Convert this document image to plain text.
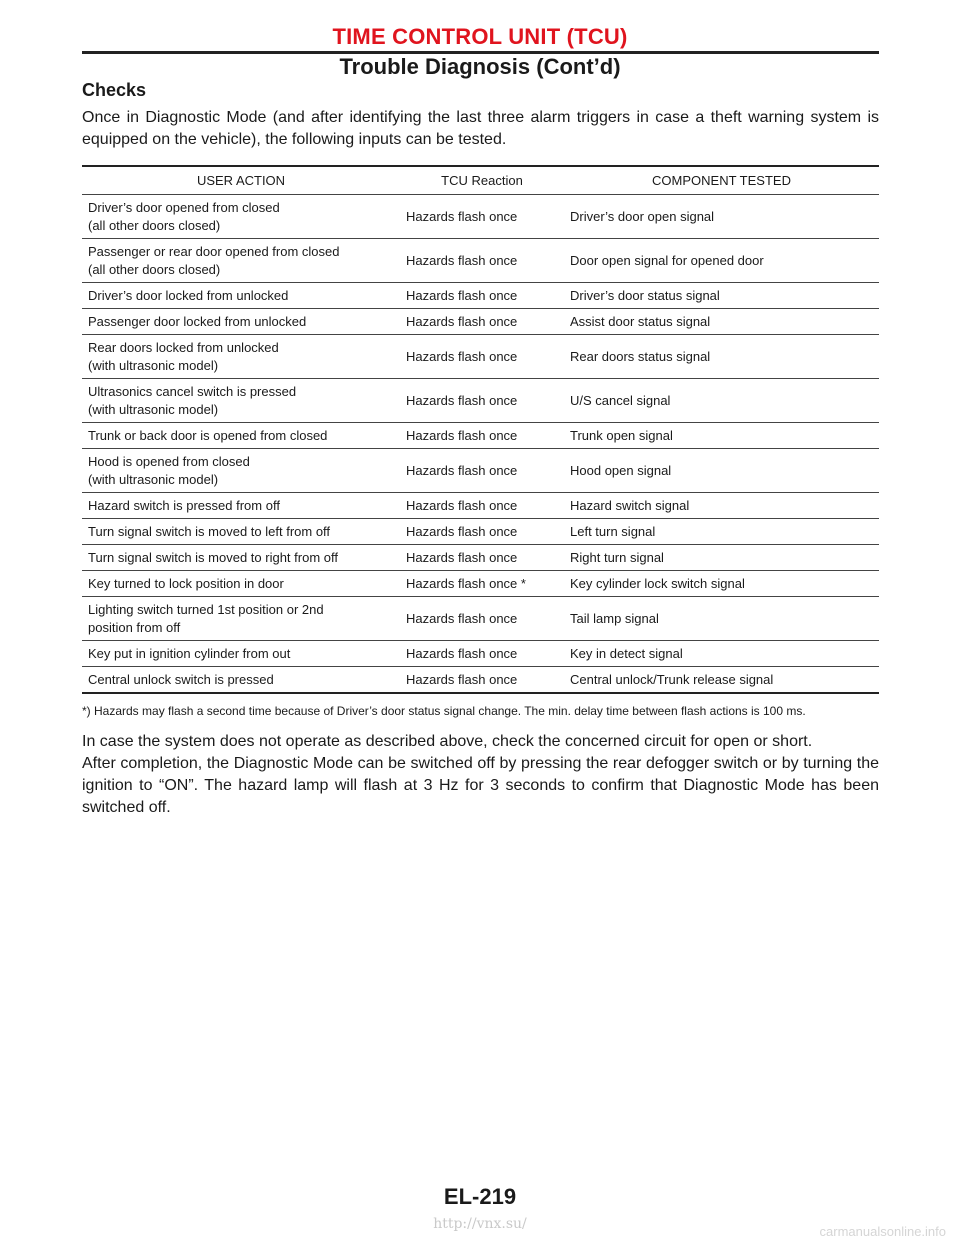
TIME CONTROL UNIT (TCU)
Trouble Diagnosis (Cont’d)
Checks

Once in Diagnostic Mode (and after identifying the last three alarm triggers in case a theft warning system is equipped on the vehicle), the following inputs can be tested.

USER ACTION	TCU Reaction	COMPONENT TESTED

Driver’s door opened from closed
(all other doors closed)	Hazards flash once	Driver’s door open signal

Passenger or rear door opened from closed
(all other doors closed)	Hazards flash once	Door open signal for opened door

Driver’s door locked from unlocked	Hazards flash once	Driver’s door status signal

Passenger door locked from unlocked	Hazards flash once	Assist door status signal

Rear doors locked from unlocked
(with ultrasonic model)	Hazards flash once	Rear doors status signal

Ultrasonics cancel switch is pressed
(with ultrasonic model)	Hazards flash once	U/S cancel signal

Trunk or back door is opened from closed	Hazards flash once	Trunk open signal

Hood is opened from closed
(with ultrasonic model)	Hazards flash once	Hood open signal

Hazard switch is pressed from off	Hazards flash once	Hazard switch signal

Turn signal switch is moved to left from off	Hazards flash once	Left turn signal

Turn signal switch is moved to right from off	Hazards flash once	Right turn signal

Key turned to lock position in door	Hazards flash once *	Key cylinder lock switch signal

Lighting switch turned 1st position or 2nd
position from off	Hazards flash once	Tail lamp signal

Key put in ignition cylinder from out	Hazards flash once	Key in detect signal

Central unlock switch is pressed	Hazards flash once	Central unlock/Trunk release signal

*) Hazards may flash a second time because of Driver’s door status signal change. The min. delay time between flash actions is 100 ms.

In case the system does not operate as described above, check the concerned circuit for open or short.
After completion, the Diagnostic Mode can be switched off by pressing the rear defogger switch or by turning the ignition to “ON”. The hazard lamp will flash at 3 Hz for 3 seconds to confirm that Diagnostic Mode has been switched off.
EL-219
http://vnx.su/	carmanualsonline.info
